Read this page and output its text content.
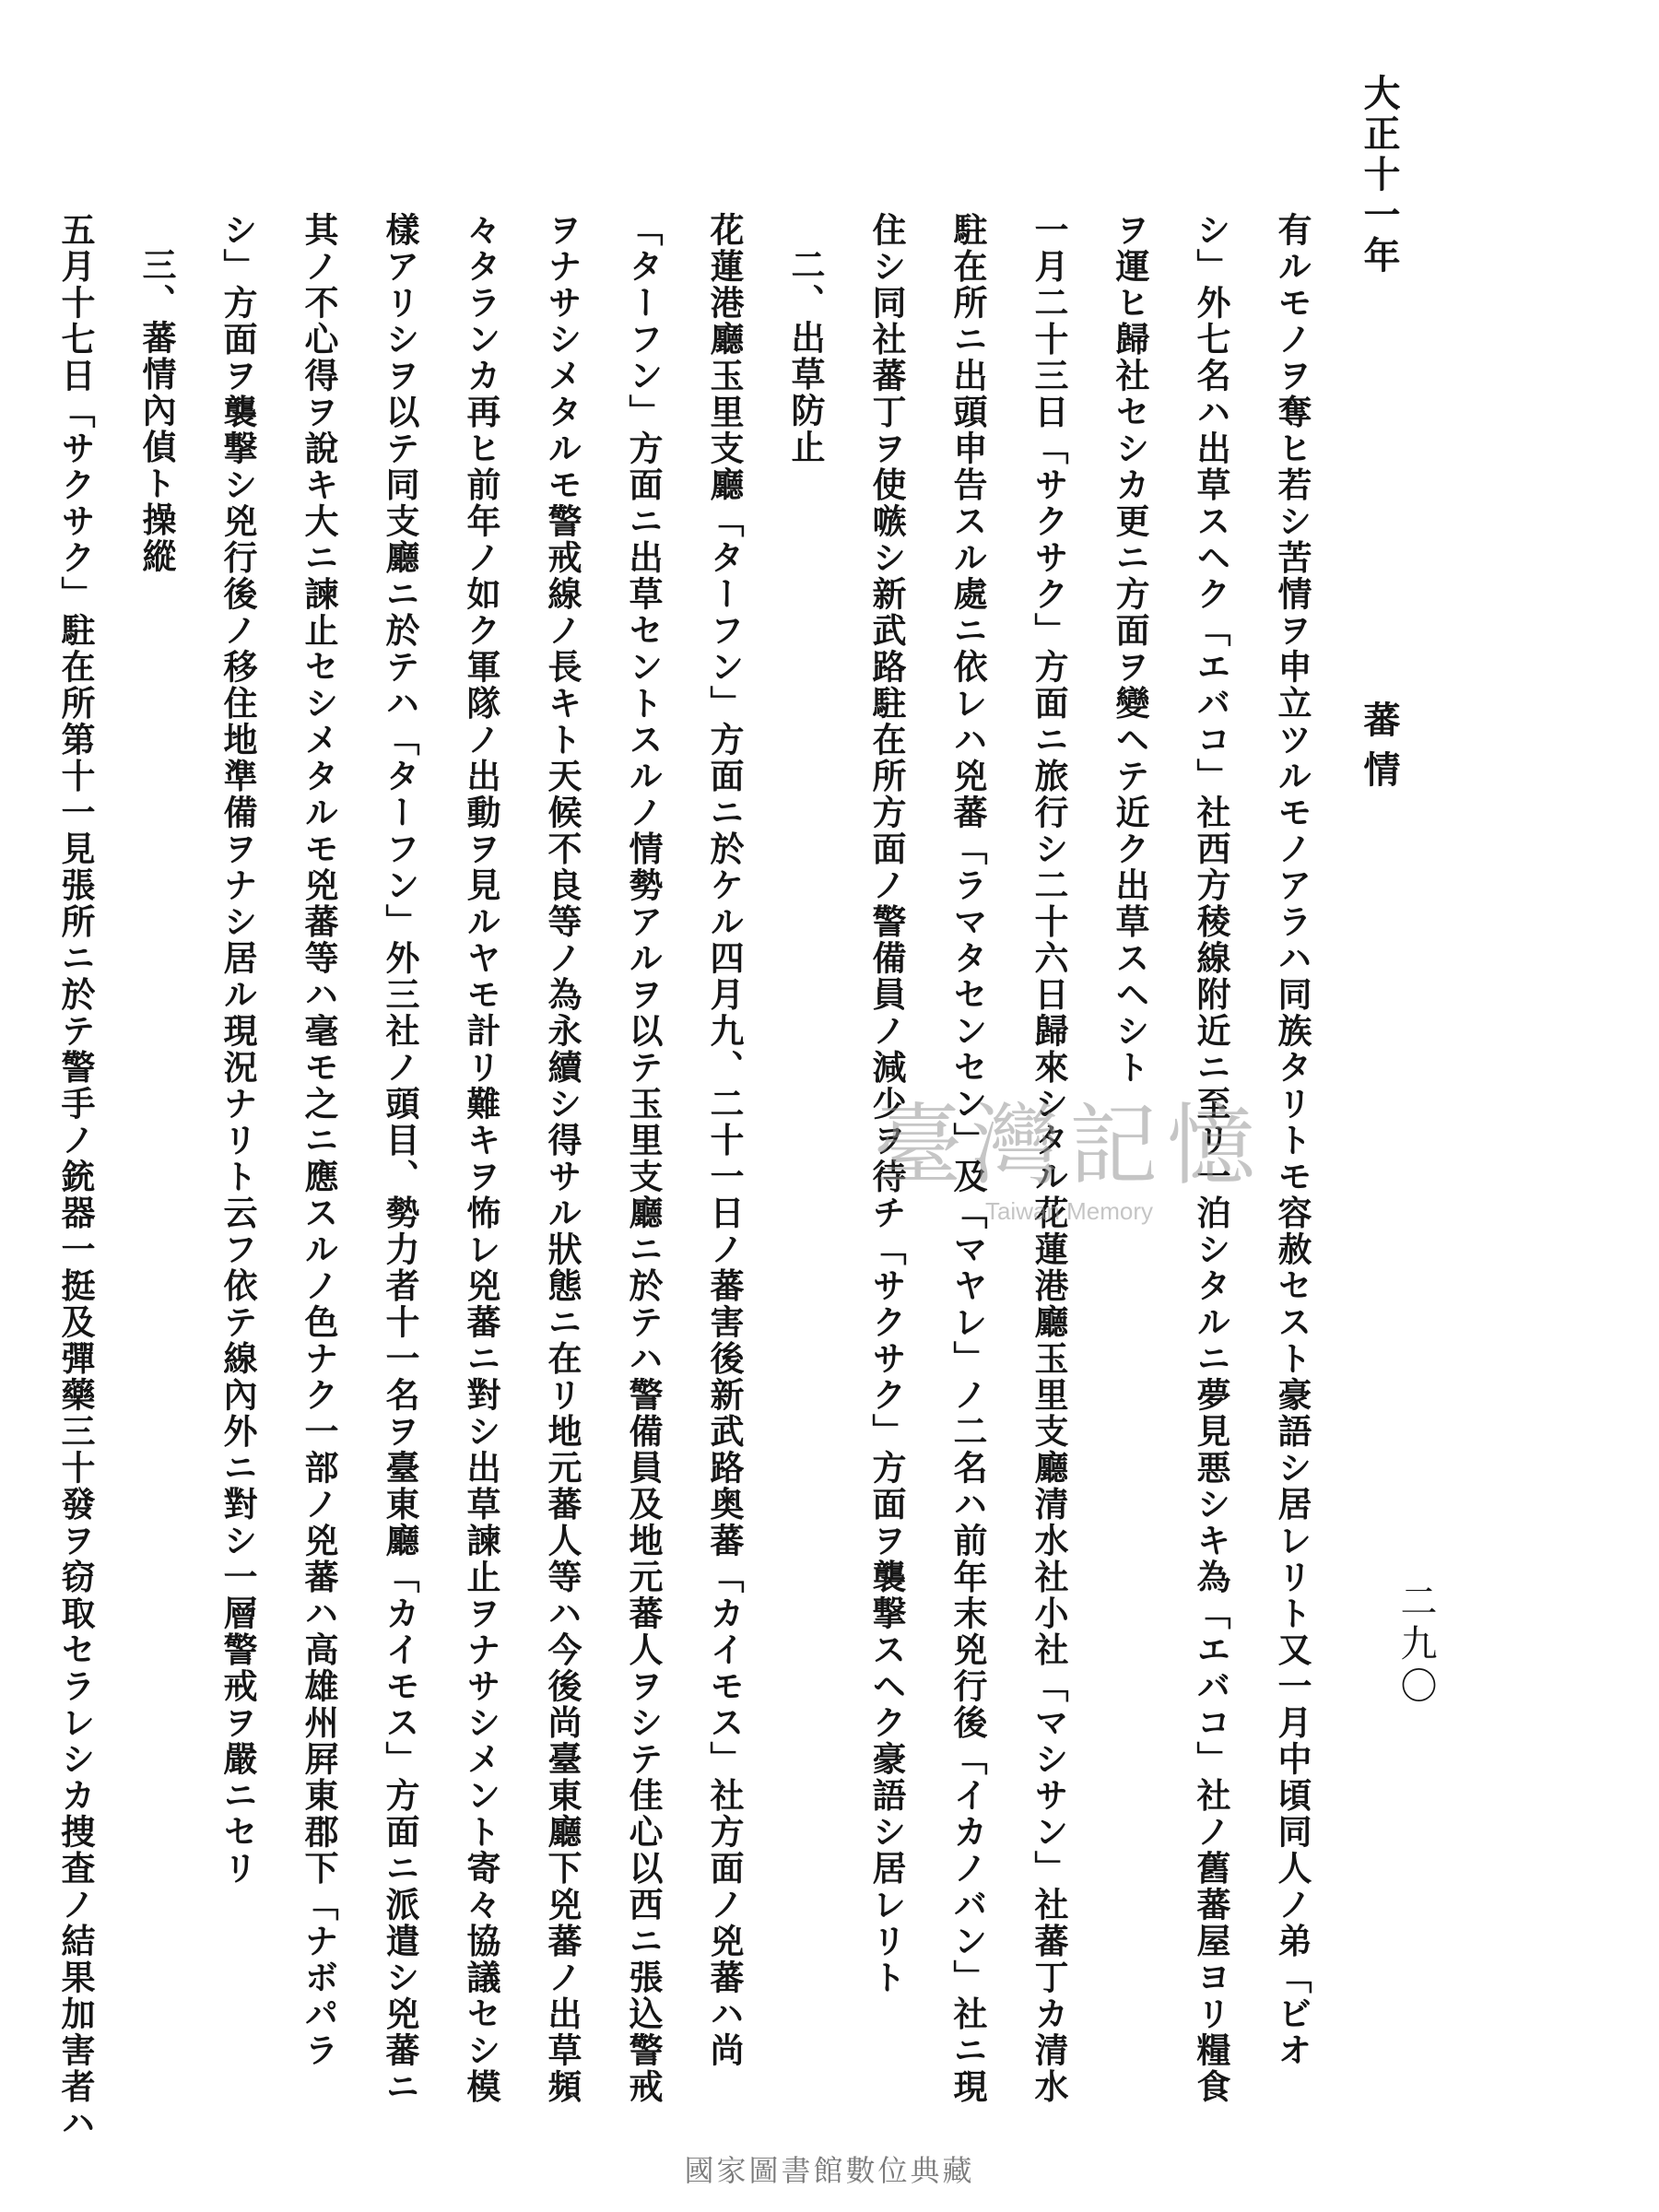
大正十一年
蕃情
二九〇
有ルモノヲ奪ヒ若シ苦情ヲ申立ツルモノアラハ同族タリトモ容赦セスト豪語シ居レリト又一月中頃同人ノ弟「ビオ
シ」外七名ハ出草スヘク「エバコ」社西方稜線附近ニ至リ一泊シタルニ夢見悪シキ為「エバコ」社ノ舊蕃屋ヨリ糧食
ヲ運ヒ歸社セシカ更ニ方面ヲ變ヘテ近ク出草スヘシト
一月二十三日「サクサク」方面ニ旅行シ二十六日歸來シタル花蓮港廳玉里支廳清水社小社「マシサン」社蕃丁カ清水
駐在所ニ出頭申告スル處ニ依レハ兇蕃「ラマタセンセン」及「マヤレ」ノ二名ハ前年末兇行後「イカノバン」社ニ現
住シ同社蕃丁ヲ使嗾シ新武路駐在所方面ノ警備員ノ減少ヲ待チ「サクサク」方面ヲ襲撃スヘク豪語シ居レリト
二、出草防止
花蓮港廳玉里支廳「ターフン」方面ニ於ケル四月九、二十一日ノ蕃害後新武路奥蕃「カイモス」社方面ノ兇蕃ハ尚
「ターフン」方面ニ出草セントスルノ情勢アルヲ以テ玉里支廳ニ於テハ警備員及地元蕃人ヲシテ佳心以西ニ張込警戒
ヲナサシメタルモ警戒線ノ長キト天候不良等ノ為永續シ得サル狀態ニ在リ地元蕃人等ハ今後尚臺東廳下兇蕃ノ出草頻
々タランカ再ヒ前年ノ如ク軍隊ノ出動ヲ見ルヤモ計リ難キヲ怖レ兇蕃ニ對シ出草諫止ヲナサシメント寄々協議セシ模
樣アリシヲ以テ同支廳ニ於テハ「ターフン」外三社ノ頭目、勢力者十一名ヲ臺東廳「カイモス」方面ニ派遣シ兇蕃ニ
其ノ不心得ヲ說キ大ニ諫止セシメタルモ兇蕃等ハ毫モ之ニ應スルノ色ナク一部ノ兇蕃ハ高雄州屛東郡下「ナボパラ
シ」方面ヲ襲撃シ兇行後ノ移住地準備ヲナシ居ル現況ナリト云フ依テ線內外ニ對シ一層警戒ヲ嚴ニセリ
三、蕃情內偵ト操縱
五月十七日「サクサク」駐在所第十一見張所ニ於テ警手ノ銃器一挺及彈藥三十發ヲ窃取セラレシカ捜査ノ結果加害者ハ	臺灣記憶
Taiwan Memory
國家圖書館數位典藏
